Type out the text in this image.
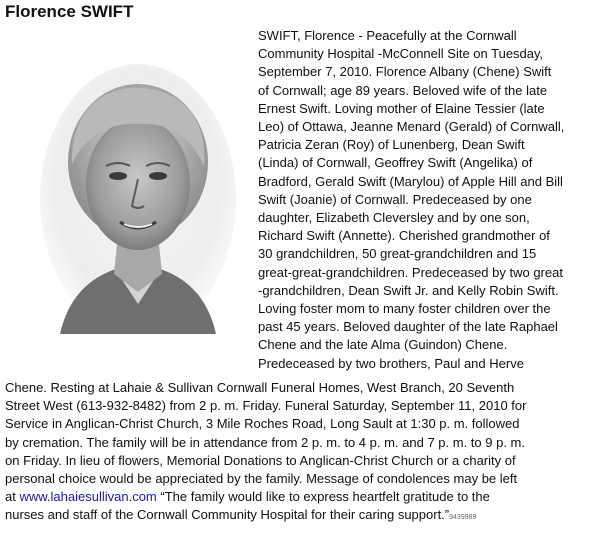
Florence SWIFT

SWIFT, Florence - Peacefully at the Cornwall

Community Hospital -McConnell Site on Tuesday,

September 7, 2010. Florence Albany (Chene) Swift

of Cornwall; age 89 years. Beloved wife of the late

Ernest Swift. Loving mother of Elaine Tessier (late

Leo) of Ottawa, Jeanne Menard (Gerald) of Cornwall,

Patricia Zeran (Roy) of Lunenberg, Dean Swift

(Linda) of Cornwall, Geoffrey Swift (Angelika) of

Bradford, Gerald Swift (Marylou) of Apple Hill and Bill

Swift (Joanie) of Cornwall. Predeceased by one

daughter, Elizabeth Cleversley and by one son,

Richard Swift (Annette). Cherished grandmother of

30 grandchildren, 50 great-grandchildren and 15

great-great-grandchildren. Predeceased by two great

-grandchildren, Dean Swift Jr. and Kelly Robin Swift.

Loving foster mom to many foster children over the

past 45 years. Beloved daughter of the late Raphael

Chene and the late Alma (Guindon) Chene.

Predeceased by two brothers, Paul and Herve

Chene. Resting at Lahaie & Sullivan Cornwall Funeral Homes, West Branch, 20 Seventh

Street West (613-932-8482) from 2 p. m. Friday. Funeral Saturday, September 11, 2010 for

Service in Anglican-Christ Church, 3 Mile Roches Road, Long Sault at 1:30 p. m. followed

by cremation. The family will be in attendance from 2 p. m. to 4 p. m. and 7 p. m. to 9 p. m.

on Friday. In lieu of flowers, Memorial Donations to Anglican-Christ Church or a charity of

personal choice would be appreciated by the family. Message of condolences may be left

at www.lahaiesullivan.com “The family would like to express heartfelt gratitude to the

nurses and staff of the Cornwall Community Hospital for their caring support.”9439989
